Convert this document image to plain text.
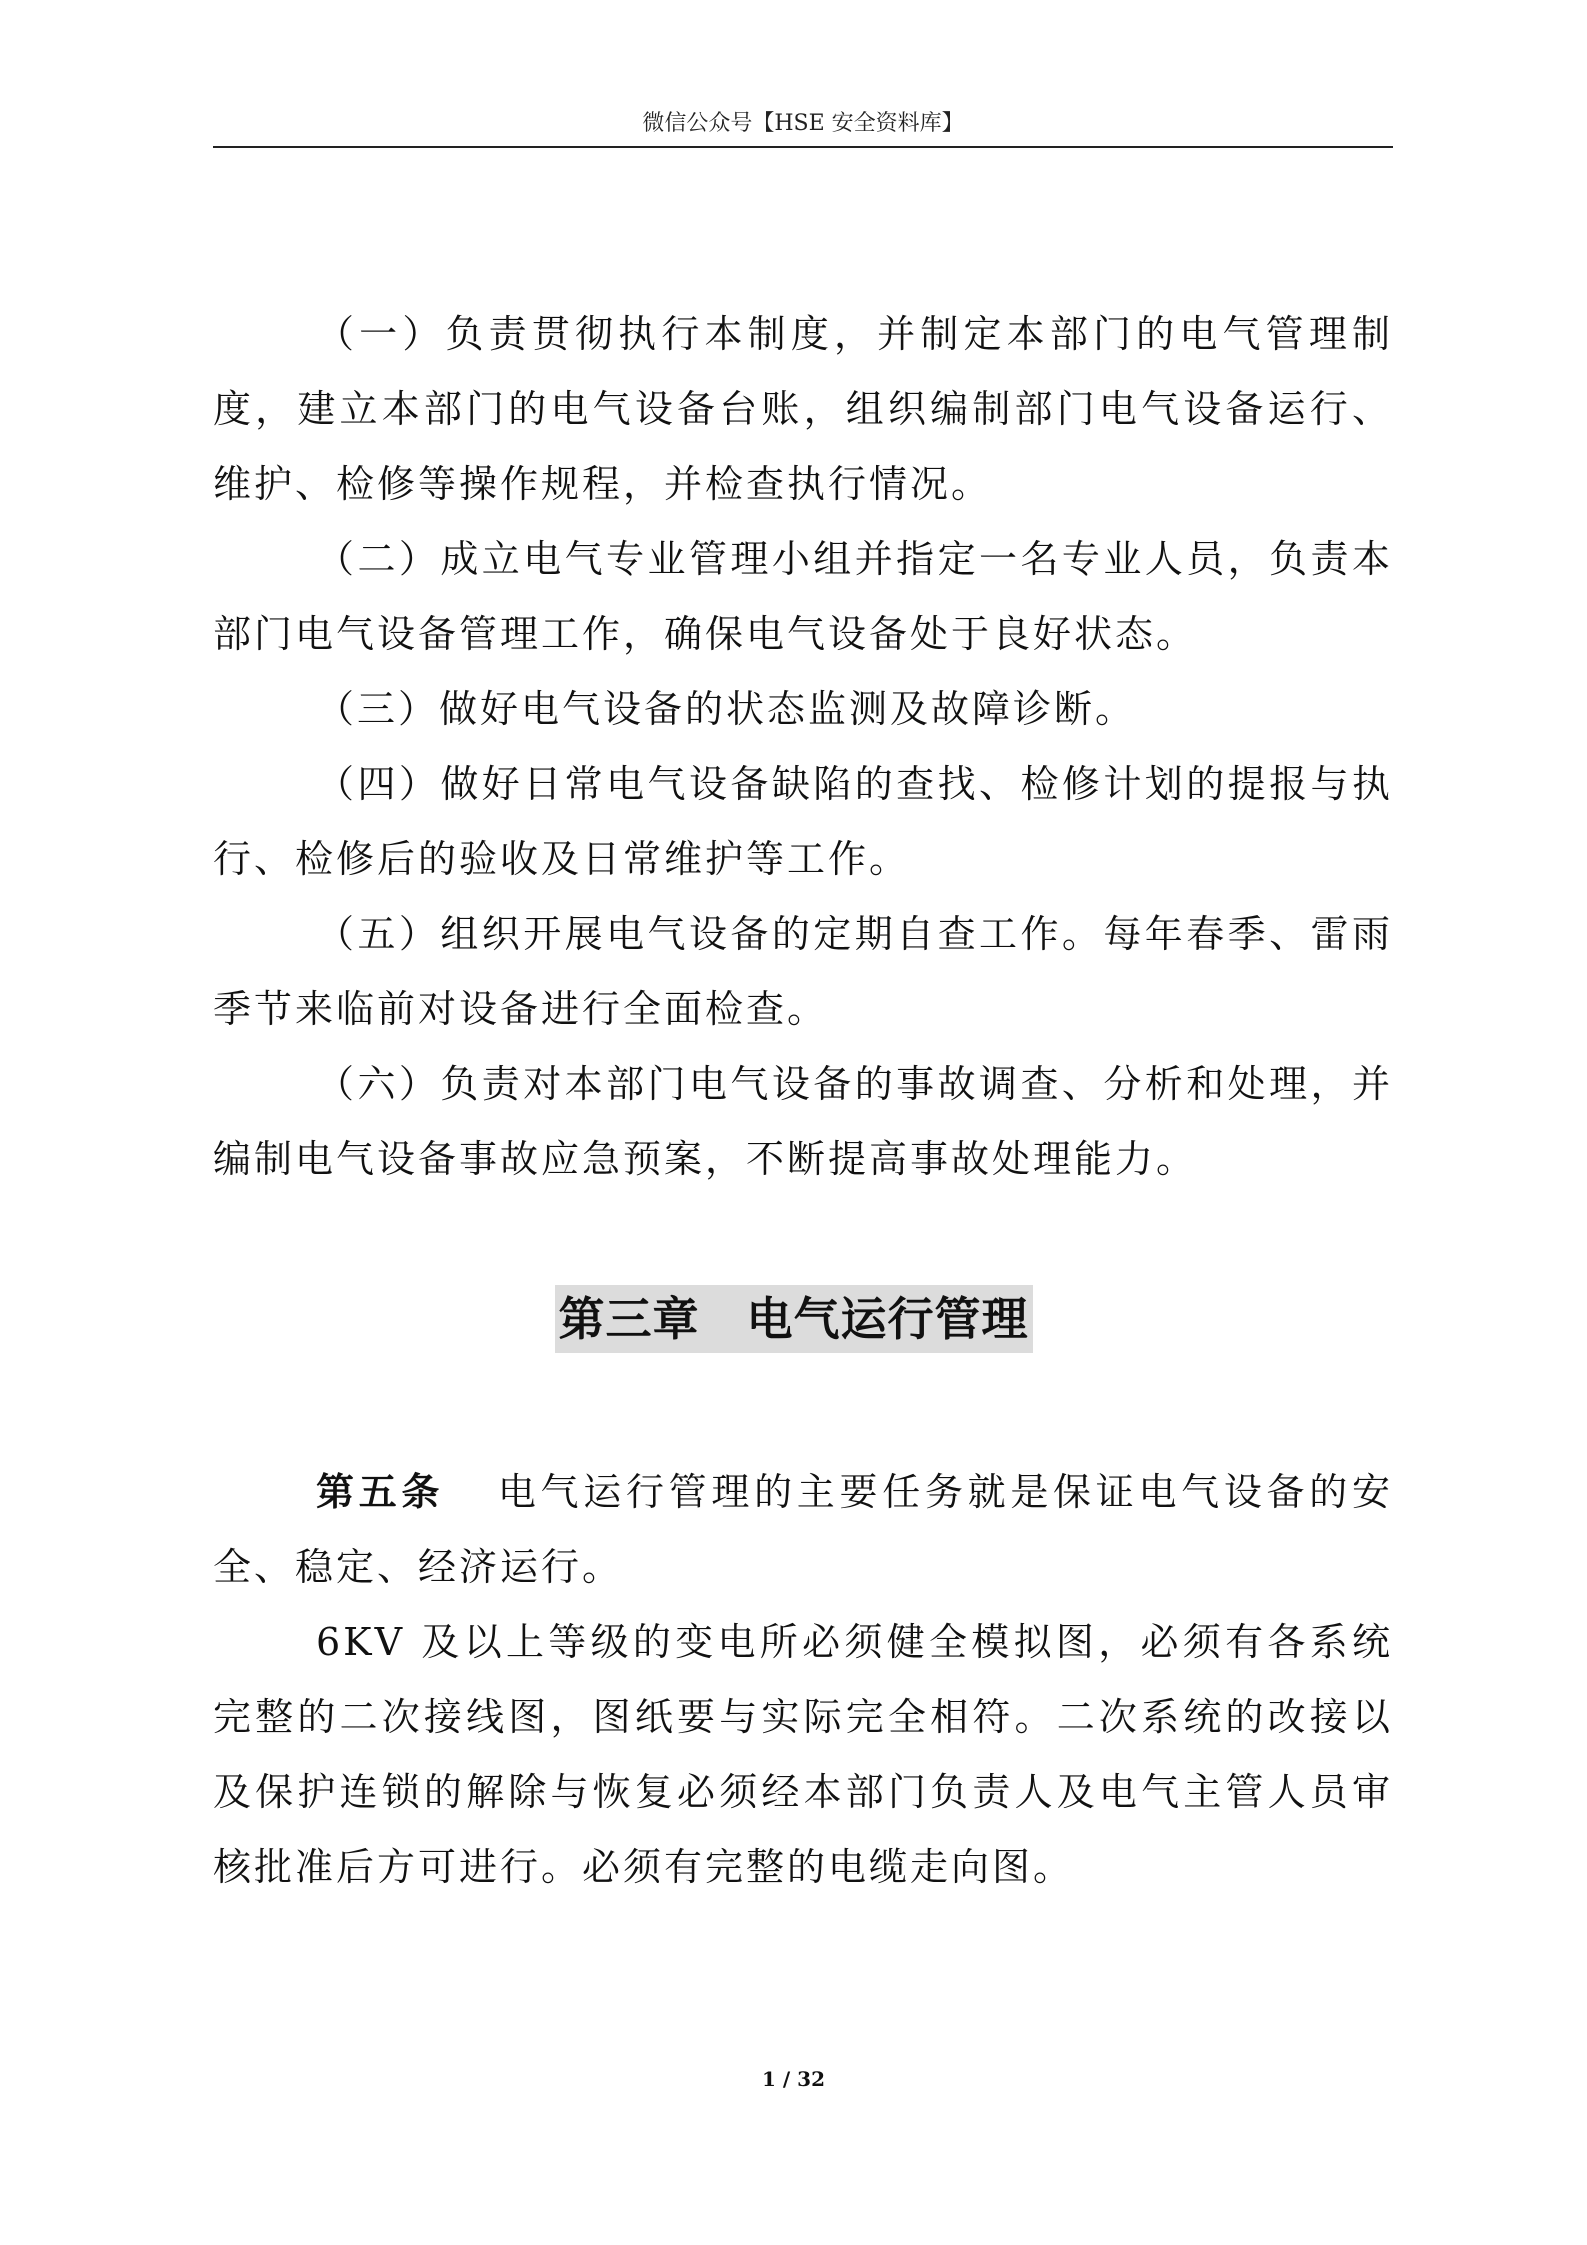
微信公众号【HSE 安全资料库】

（一）负责贯彻执行本制度，并制定本部门的电气管理制度，建立本部门的电气设备台账，组织编制部门电气设备运行、维护、检修等操作规程，并检查执行情况。

（二）成立电气专业管理小组并指定一名专业人员，负责本部门电气设备管理工作，确保电气设备处于良好状态。

（三）做好电气设备的状态监测及故障诊断。

（四）做好日常电气设备缺陷的查找、检修计划的提报与执行、检修后的验收及日常维护等工作。

（五）组织开展电气设备的定期自查工作。每年春季、雷雨季节来临前对设备进行全面检查。

（六）负责对本部门电气设备的事故调查、分析和处理，并编制电气设备事故应急预案，不断提高事故处理能力。

第三章　电气运行管理

第五条 电气运行管理的主要任务就是保证电气设备的安全、稳定、经济运行。

6KV 及以上等级的变电所必须健全模拟图，必须有各系统完整的二次接线图，图纸要与实际完全相符。二次系统的改接以及保护连锁的解除与恢复必须经本部门负责人及电气主管人员审核批准后方可进行。必须有完整的电缆走向图。

1 / 32
